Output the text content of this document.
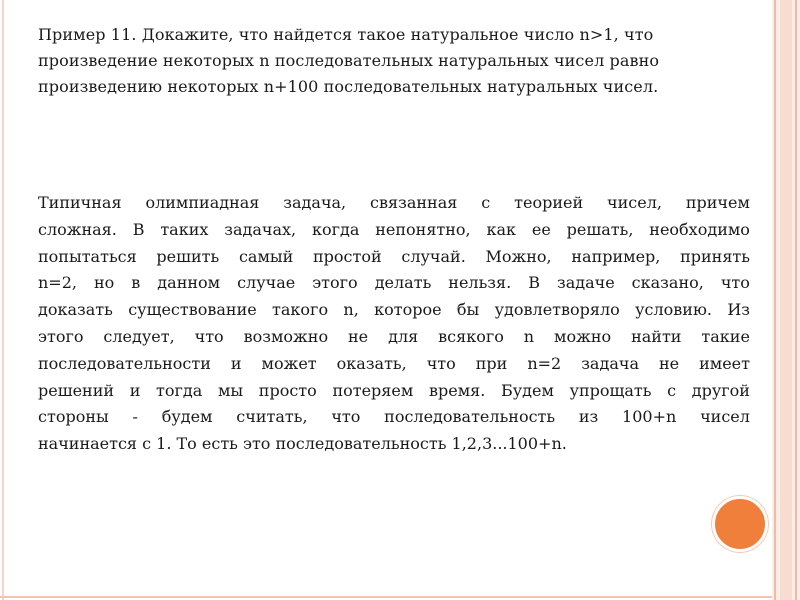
Пример 11. Докажите, что найдется такое натуральное число n>1, что
произведение некоторых n последовательных натуральных чисел равно
произведению некоторых n+100 последовательных натуральных чисел.
Типичная олимпиадная задача, связанная с теорией чисел, причем
сложная. В таких задачах, когда непонятно, как ее решать, необходимо
попытаться решить самый простой случай. Можно, например, принять
n=2, но в данном случае этого делать нельзя. В задаче сказано, что
доказать существование такого n, которое бы удовлетворяло условию. Из
этого следует, что возможно не для всякого n можно найти такие
последовательности и может оказать, что при n=2 задача не имеет
решений и тогда мы просто потеряем время. Будем упрощать с другой
стороны - будем считать, что последовательность из 100+n чисел
начинается с 1. То есть это последовательность 1,2,3...100+n.
